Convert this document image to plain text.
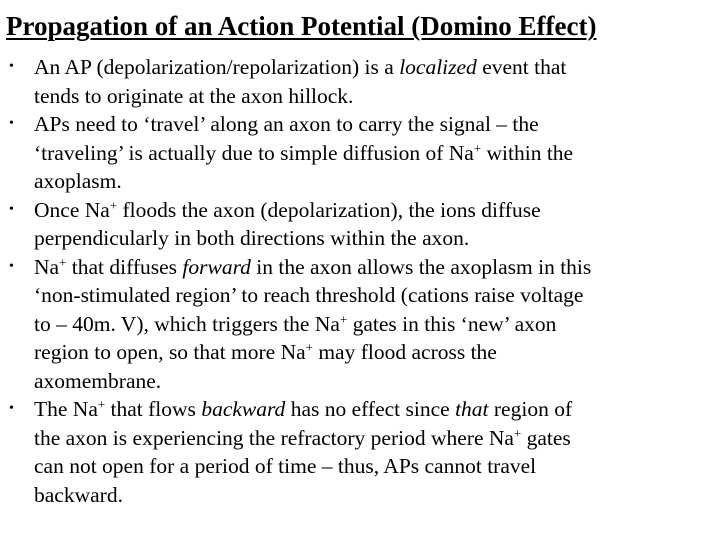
Propagation of an Action Potential (Domino Effect)
• An AP (depolarization/repolarization) is a localized event that
tends to originate at the axon hillock.
• APs need to ‘travel’ along an axon to carry the signal – the
‘traveling’ is actually due to simple diffusion of Na+ within the
axoplasm.
• Once Na+ floods the axon (depolarization), the ions diffuse
perpendicularly in both directions within the axon.
• Na+ that diffuses forward in the axon allows the axoplasm in this
‘non-stimulated region’ to reach threshold (cations raise voltage
to – 40m. V), which triggers the Na+ gates in this ‘new’ axon
region to open, so that more Na+ may flood across the
axomembrane.
• The Na+ that flows backward has no effect since that region of
the axon is experiencing the refractory period where Na+ gates
can not open for a period of time – thus, APs cannot travel
backward.
